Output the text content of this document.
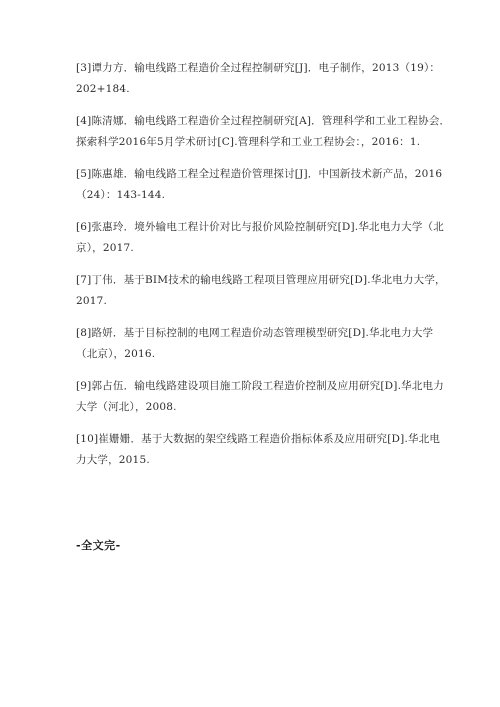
[3]谭力方．输电线路工程造价全过程控制研究[J]．电子制作，2013（19）：
202+184.
[4]陈清娜．输电线路工程造价全过程控制研究[A]．管理科学和工业工程协会．
探索科学2016年5月学术研讨[C].管理科学和工业工程协会：，2016：1.
[5]陈惠雄．输电线路工程全过程造价管理探讨[J]．中国新技术新产品，2016
（24）：143-144.
[6]张惠玲．境外输电工程计价对比与报价风险控制研究[D].华北电力大学（北
京），2017.
[7]丁伟．基于BIM技术的输电线路工程项目管理应用研究[D].华北电力大学，
2017.
[8]路妍．基于目标控制的电网工程造价动态管理模型研究[D].华北电力大学
（北京），2016.
[9]郭占伍．输电线路建设项目施工阶段工程造价控制及应用研究[D].华北电力
大学（河北），2008.
[10]崔姗姗．基于大数据的架空线路工程造价指标体系及应用研究[D].华北电
力大学，2015.
-全文完-
